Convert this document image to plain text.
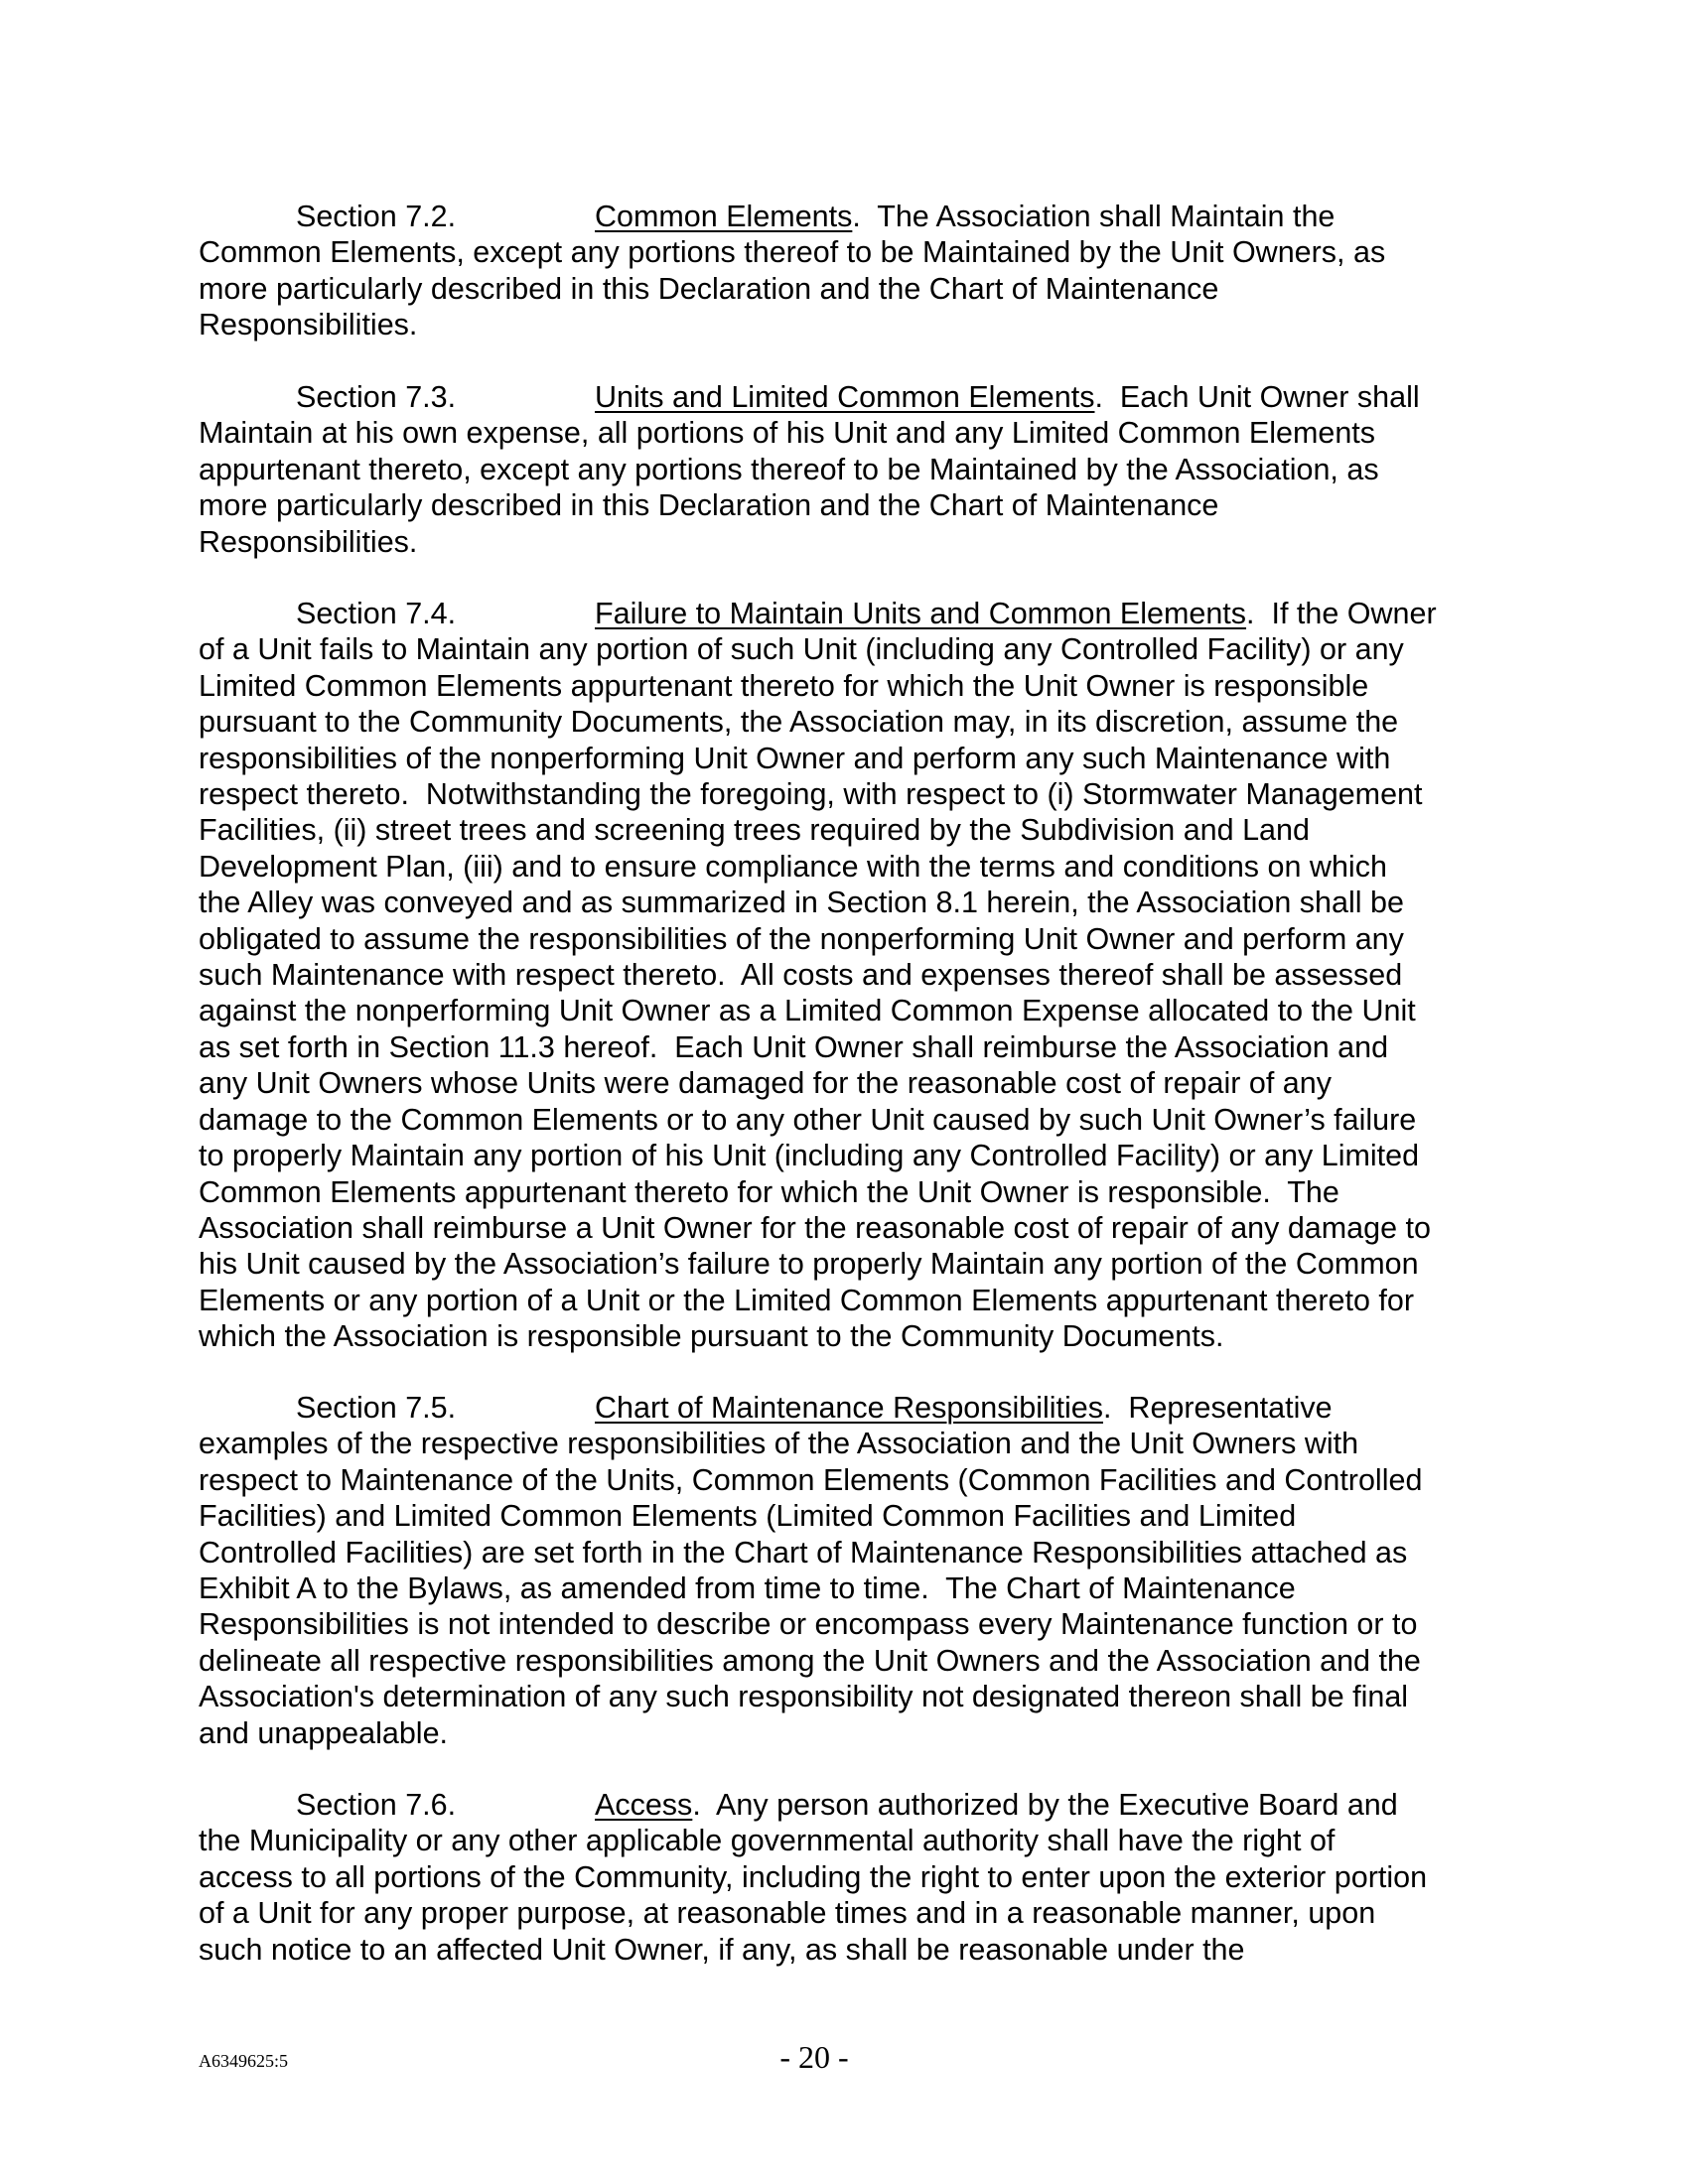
Section 7.2.	Common Elements.  The Association shall Maintain the
Common Elements, except any portions thereof to be Maintained by the Unit Owners, as
more particularly described in this Declaration and the Chart of Maintenance
Responsibilities.
Section 7.3.	Units and Limited Common Elements.  Each Unit Owner shall
Maintain at his own expense, all portions of his Unit and any Limited Common Elements
appurtenant thereto, except any portions thereof to be Maintained by the Association, as
more particularly described in this Declaration and the Chart of Maintenance
Responsibilities.
Section 7.4.	Failure to Maintain Units and Common Elements.  If the Owner
of a Unit fails to Maintain any portion of such Unit (including any Controlled Facility) or any
Limited Common Elements appurtenant thereto for which the Unit Owner is responsible
pursuant to the Community Documents, the Association may, in its discretion, assume the
responsibilities of the nonperforming Unit Owner and perform any such Maintenance with
respect thereto.  Notwithstanding the foregoing, with respect to (i) Stormwater Management
Facilities, (ii) street trees and screening trees required by the Subdivision and Land
Development Plan, (iii) and to ensure compliance with the terms and conditions on which
the Alley was conveyed and as summarized in Section 8.1 herein, the Association shall be
obligated to assume the responsibilities of the nonperforming Unit Owner and perform any
such Maintenance with respect thereto.  All costs and expenses thereof shall be assessed
against the nonperforming Unit Owner as a Limited Common Expense allocated to the Unit
as set forth in Section 11.3 hereof.  Each Unit Owner shall reimburse the Association and
any Unit Owners whose Units were damaged for the reasonable cost of repair of any
damage to the Common Elements or to any other Unit caused by such Unit Owner’s failure
to properly Maintain any portion of his Unit (including any Controlled Facility) or any Limited
Common Elements appurtenant thereto for which the Unit Owner is responsible.  The
Association shall reimburse a Unit Owner for the reasonable cost of repair of any damage to
his Unit caused by the Association’s failure to properly Maintain any portion of the Common
Elements or any portion of a Unit or the Limited Common Elements appurtenant thereto for
which the Association is responsible pursuant to the Community Documents.
Section 7.5.	Chart of Maintenance Responsibilities.  Representative
examples of the respective responsibilities of the Association and the Unit Owners with
respect to Maintenance of the Units, Common Elements (Common Facilities and Controlled
Facilities) and Limited Common Elements (Limited Common Facilities and Limited
Controlled Facilities) are set forth in the Chart of Maintenance Responsibilities attached as
Exhibit A to the Bylaws, as amended from time to time.  The Chart of Maintenance
Responsibilities is not intended to describe or encompass every Maintenance function or to
delineate all respective responsibilities among the Unit Owners and the Association and the
Association's determination of any such responsibility not designated thereon shall be final
and unappealable.
Section 7.6.	Access.  Any person authorized by the Executive Board and
the Municipality or any other applicable governmental authority shall have the right of
access to all portions of the Community, including the right to enter upon the exterior portion
of a Unit for any proper purpose, at reasonable times and in a reasonable manner, upon
such notice to an affected Unit Owner, if any, as shall be reasonable under the
A6349625:5	- 20 -
